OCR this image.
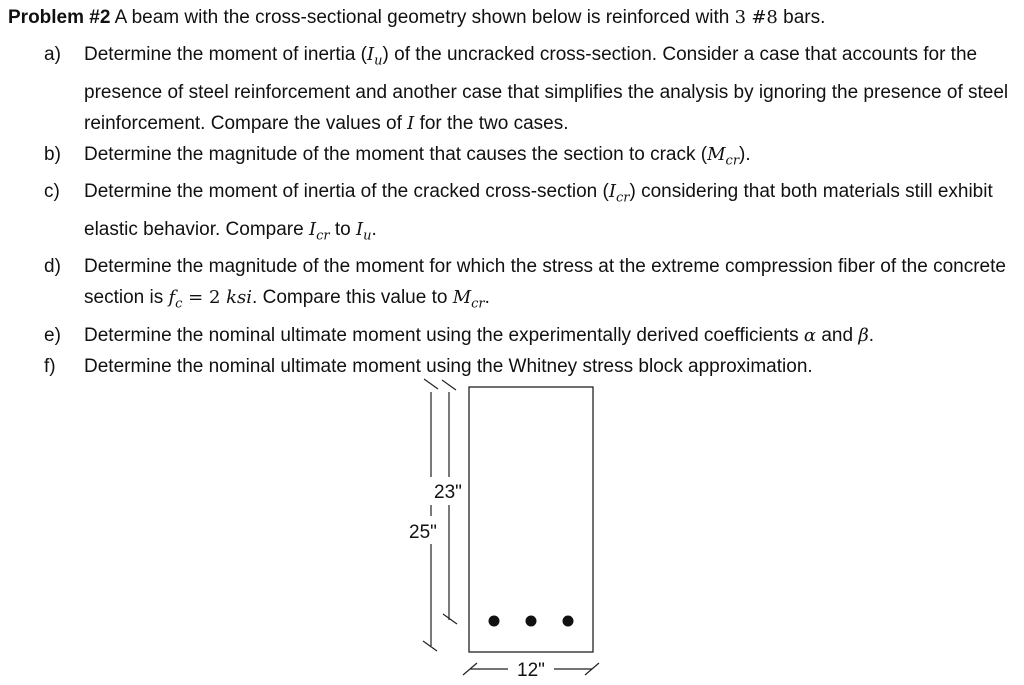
Problem #2 A beam with the cross-sectional geometry shown below is reinforced with 3 #8 bars.
a)	Determine the moment of inertia $(I_u)$ of the uncracked cross-section. Consider a case that accounts for the presence of steel reinforcement and another case that simplifies the analysis by ignoring the presence of steel reinforcement. Compare the values of I for the two cases.
b)	Determine the magnitude of the moment that causes the section to crack $(M_{cr})$.
c)	Determine the moment of inertia of the cracked cross-section $(I_{cr})$ considering that both materials still exhibit elastic behavior. Compare $I_{cr}$ to $I_u$.
d)	Determine the magnitude of the moment for which the stress at the extreme compression fiber of the concrete section is $f_c = 2$ ksi. Compare this value to $M_{cr}$.
e)	Determine the nominal ultimate moment using the experimentally derived coefficients α and β.
f)	Determine the nominal ultimate moment using the Whitney stress block approximation.
25"
23"
12"
